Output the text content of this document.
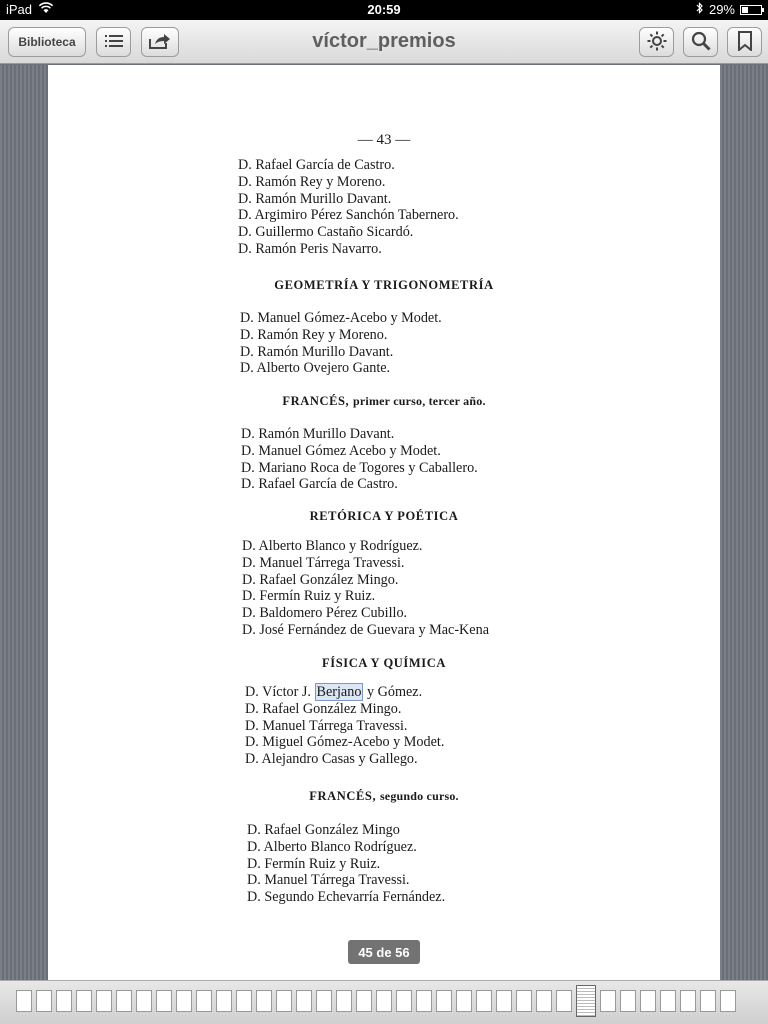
iPad	20:59	29%
Biblioteca	víctor_premios
— 43 —
D. Rafael García de Castro.
D. Ramón Rey y Moreno.
D. Ramón Murillo Davant.
D. Argimiro Pérez Sanchón Tabernero.
D. Guillermo Castaño Sicardó.
D. Ramón Peris Navarro.
GEOMETRÍA Y TRIGONOMETRÍA
D. Manuel Gómez-Acebo y Modet.
D. Ramón Rey y Moreno.
D. Ramón Murillo Davant.
D. Alberto Ovejero Gante.
FRANCÉS, primer curso, tercer año.
D. Ramón Murillo Davant.
D. Manuel Gómez Acebo y Modet.
D. Mariano Roca de Togores y Caballero.
D. Rafael García de Castro.
RETÓRICA Y POÉTICA
D. Alberto Blanco y Rodríguez.
D. Manuel Tárrega Travessi.
D. Rafael González Mingo.
D. Fermín Ruiz y Ruiz.
D. Baldomero Pérez Cubillo.
D. José Fernández de Guevara y Mac-Kena
FÍSICA Y QUÍMICA
D. Víctor J. Berjano y Gómez.
D. Rafael González Mingo.
D. Manuel Tárrega Travessi.
D. Miguel Gómez-Acebo y Modet.
D. Alejandro Casas y Gallego.
FRANCÉS, segundo curso.
D. Rafael González Mingo
D. Alberto Blanco Rodríguez.
D. Fermín Ruiz y Ruiz.
D. Manuel Tárrega Travessi.
D. Segundo Echevarría Fernández.
45 de 56
